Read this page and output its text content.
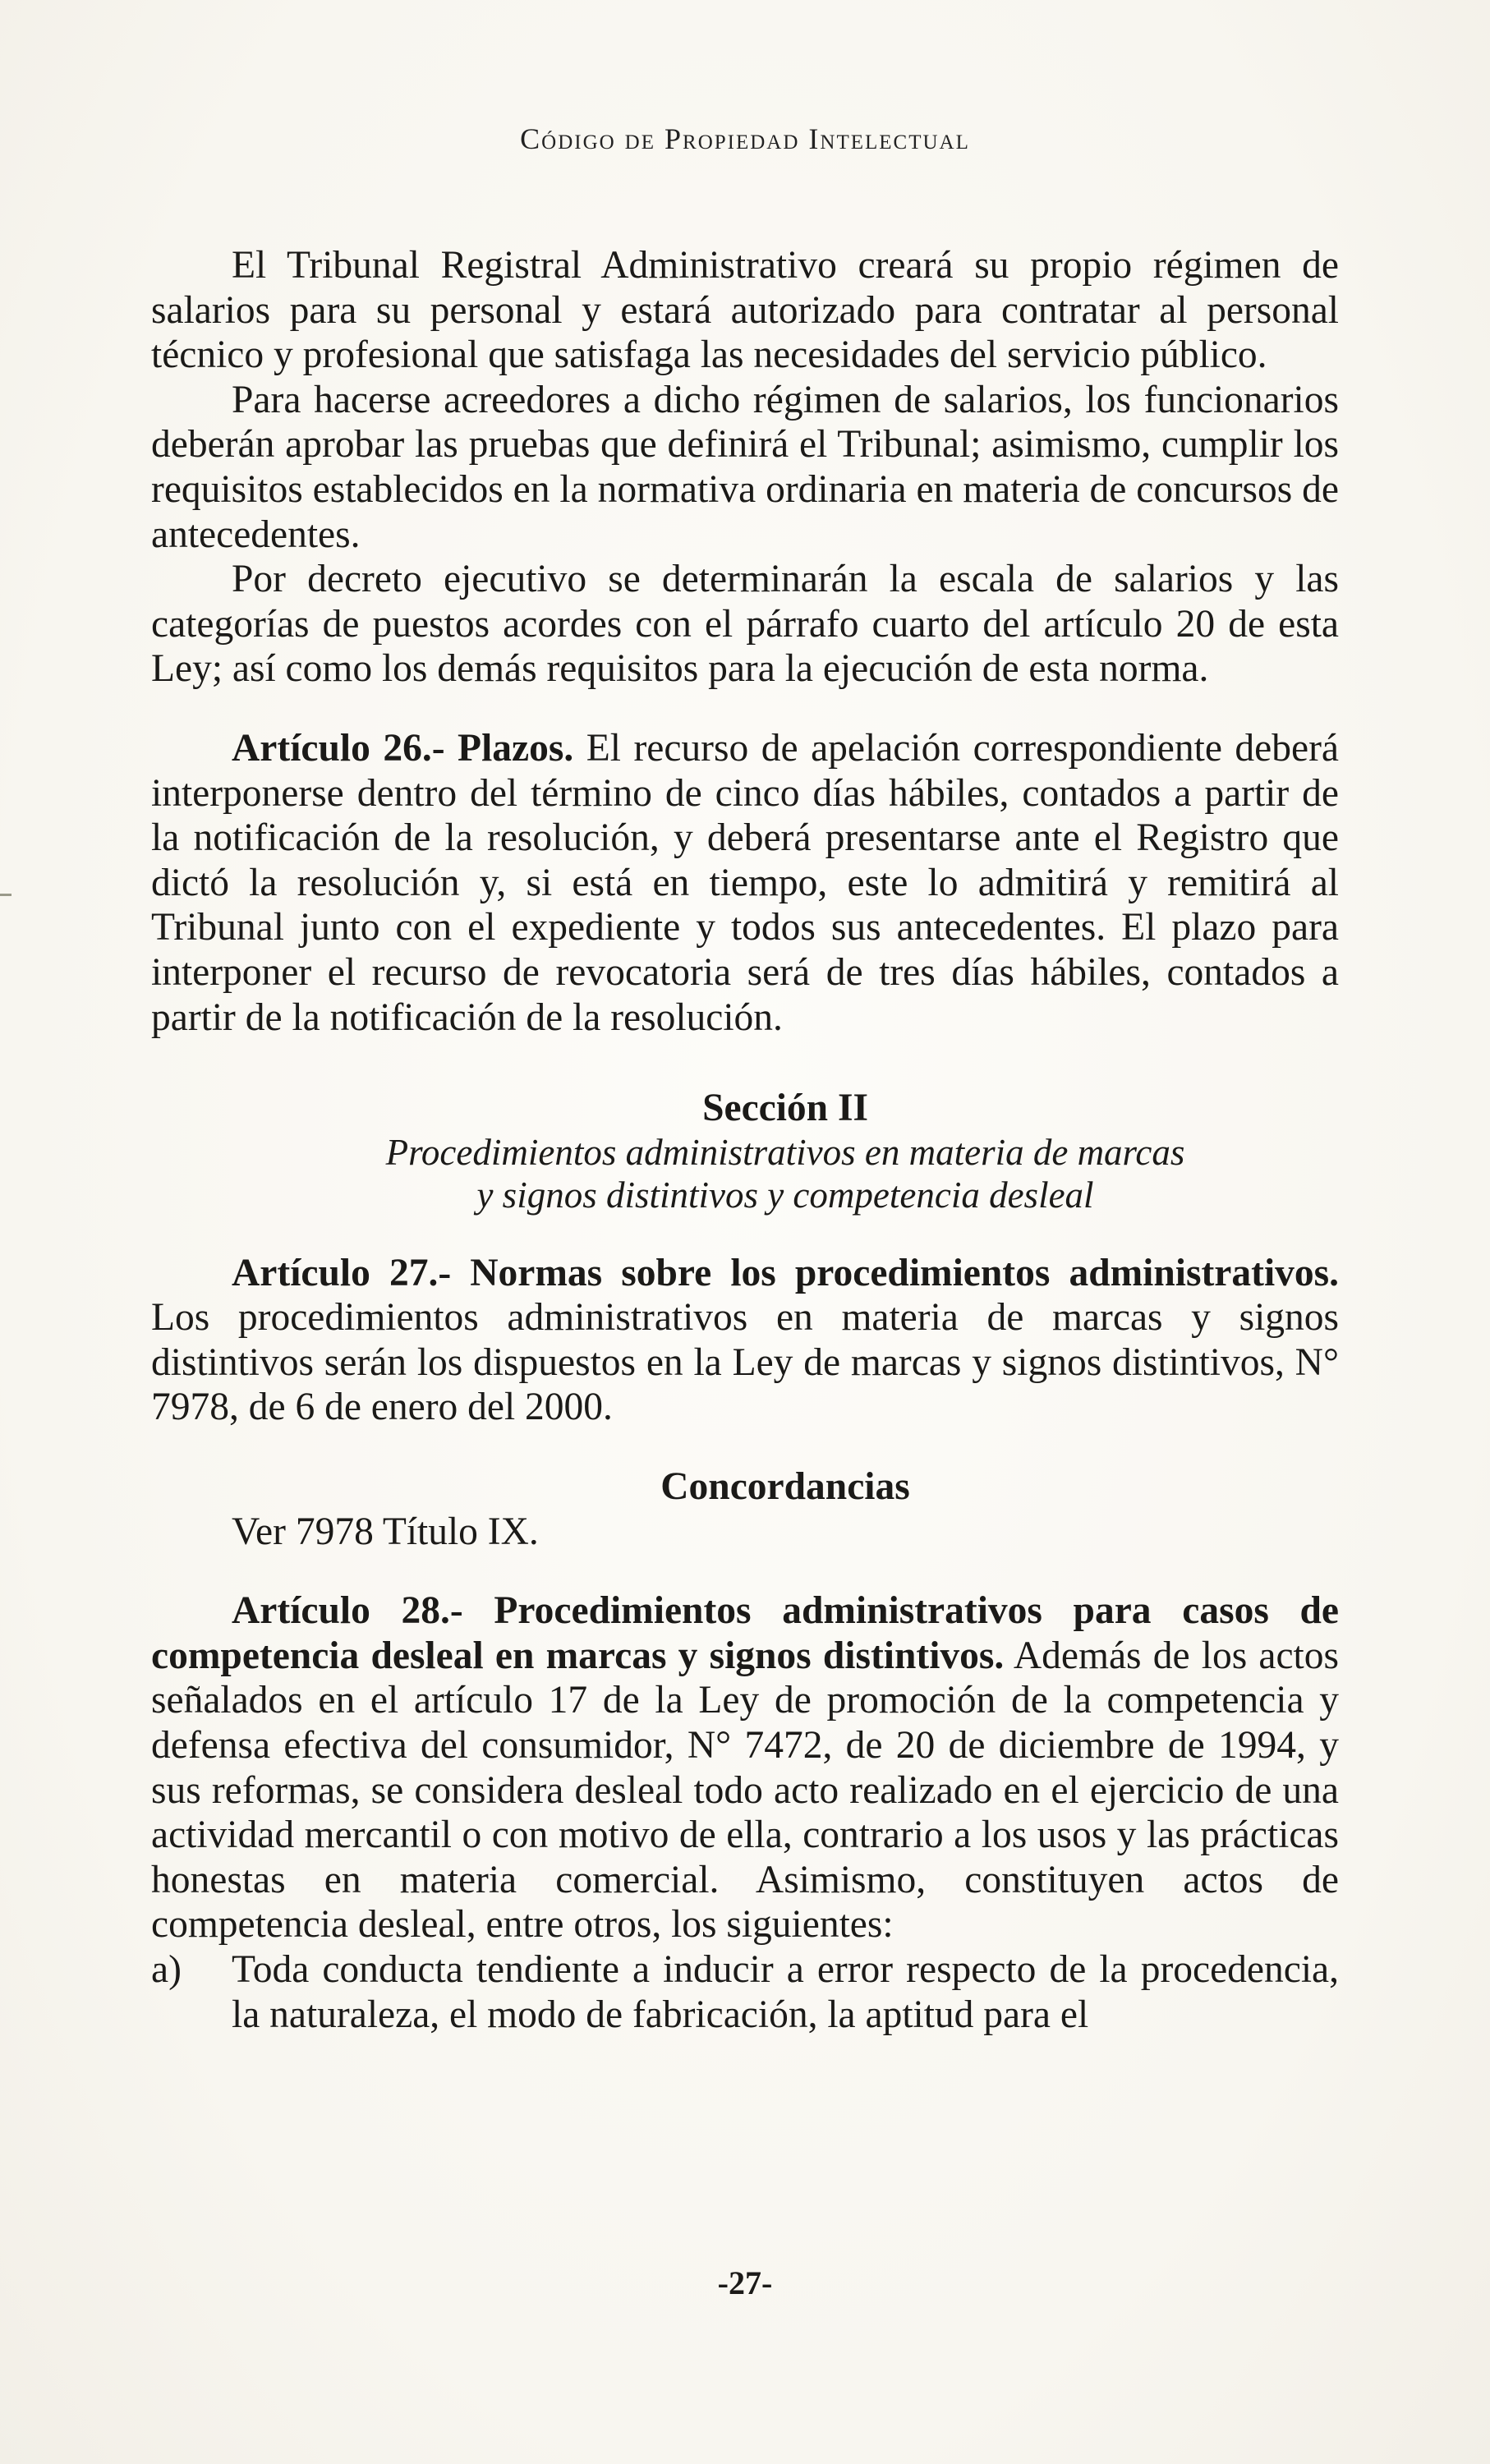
Código de Propiedad Intelectual

El Tribunal Registral Administrativo creará su propio régimen de salarios para su personal y estará autorizado para contratar al personal técnico y profesional que satisfaga las necesidades del servicio público.

Para hacerse acreedores a dicho régimen de salarios, los funcionarios deberán aprobar las pruebas que definirá el Tribunal; asimismo, cumplir los requisitos establecidos en la normativa ordinaria en materia de concursos de antecedentes.

Por decreto ejecutivo se determinarán la escala de salarios y las categorías de puestos acordes con el párrafo cuarto del artículo 20 de esta Ley; así como los demás requisitos para la ejecución de esta norma.

Artículo 26.- Plazos. El recurso de apelación correspondiente deberá interponerse dentro del término de cinco días hábiles, contados a partir de la notificación de la resolución, y deberá presentarse ante el Registro que dictó la resolución y, si está en tiempo, este lo admitirá y remitirá al Tribunal junto con el expediente y todos sus antecedentes. El plazo para interponer el recurso de revocatoria será de tres días hábiles, contados a partir de la notificación de la resolución.

Sección II

Procedimientos administrativos en materia de marcas

y signos distintivos y competencia desleal

Artículo 27.- Normas sobre los procedimientos administrativos. Los procedimientos administrativos en materia de marcas y signos distintivos serán los dispuestos en la Ley de marcas y signos distintivos, N° 7978, de 6 de enero del 2000.

Concordancias

Ver 7978 Título IX.

Artículo 28.- Procedimientos administrativos para casos de competencia desleal en marcas y signos distintivos. Además de los actos señalados en el artículo 17 de la Ley de promoción de la competencia y defensa efectiva del consumidor, N° 7472, de 20 de diciembre de 1994, y sus reformas, se considera desleal todo acto realizado en el ejercicio de una actividad mercantil o con motivo de ella, contrario a los usos y las prácticas honestas en materia comercial. Asimismo, constituyen actos de competencia desleal, entre otros, los siguientes:

a)	Toda conducta tendiente a inducir a error respecto de la procedencia, la naturaleza, el modo de fabricación, la aptitud para el
-27-
